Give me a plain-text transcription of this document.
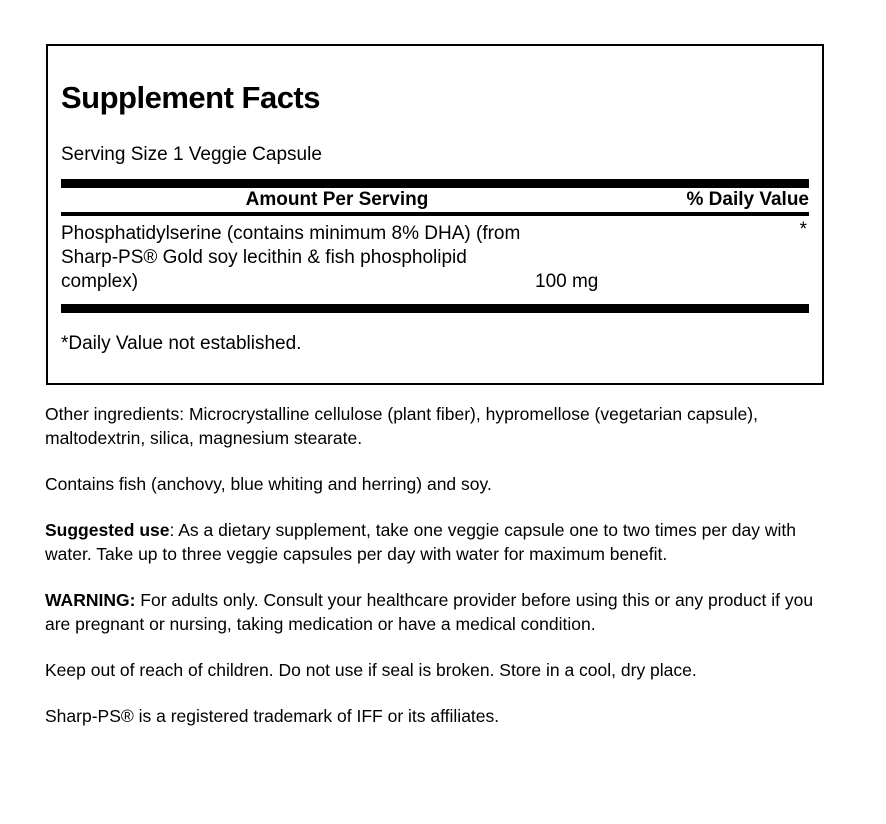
Supplement Facts
Serving Size 1 Veggie Capsule
Amount Per Serving	% Daily Value
Phosphatidylserine (contains minimum 8% DHA) (from
Sharp-PS® Gold soy lecithin & fish phospholipid
complex)	100 mg
*
*Daily Value not established.

Other ingredients: Microcrystalline cellulose (plant fiber), hypromellose (vegetarian capsule), maltodextrin, silica, magnesium stearate.

Contains fish (anchovy, blue whiting and herring) and soy.

Suggested use: As a dietary supplement, take one veggie capsule one to two times per day with water. Take up to three veggie capsules per day with water for maximum benefit.

WARNING: For adults only. Consult your healthcare provider before using this or any product if you are pregnant or nursing, taking medication or have a medical condition.

Keep out of reach of children. Do not use if seal is broken. Store in a cool, dry place.

Sharp-PS® is a registered trademark of IFF or its affiliates.
